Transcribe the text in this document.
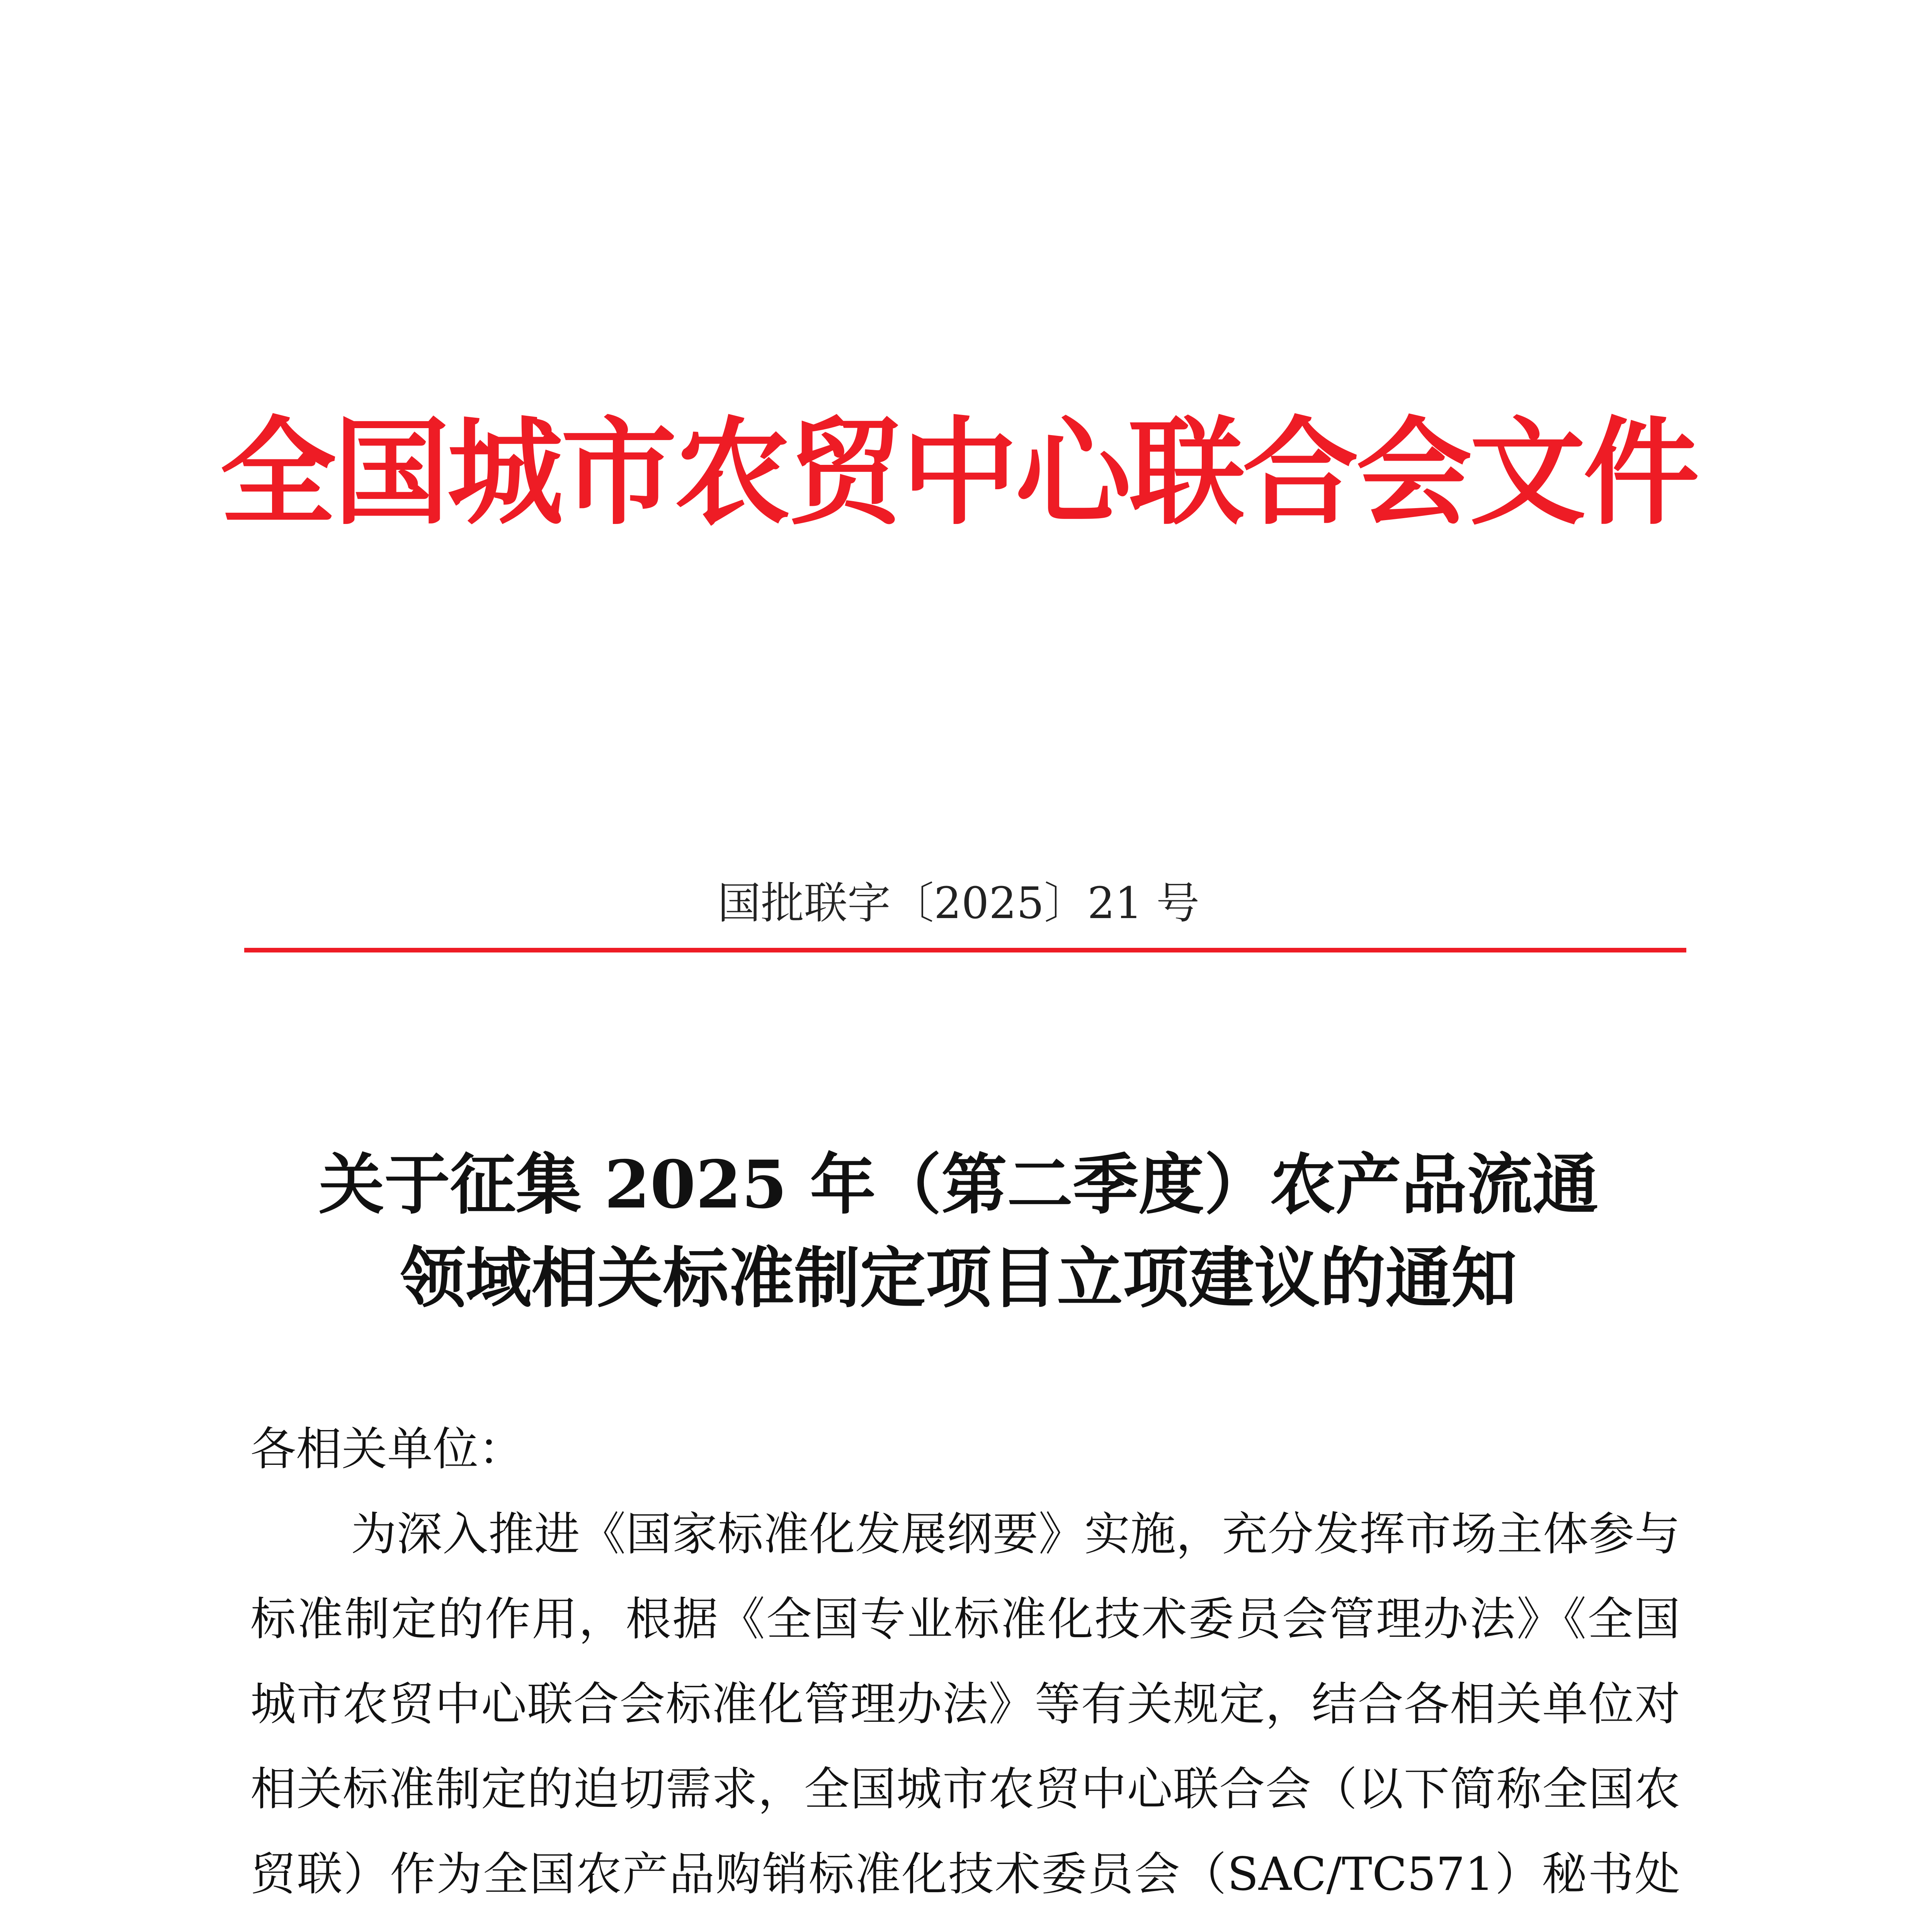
全国城市农贸中心联合会文件
国批联字〔2025〕21 号
关于征集 2025 年（第二季度）农产品流通
领域相关标准制定项目立项建议的通知

各相关单位：

为深入推进《国家标准化发展纲要》实施，充分发挥市场主体参与标准制定的作用，根据《全国专业标准化技术委员会管理办法》《全国城市农贸中心联合会标准化管理办法》等有关规定，结合各相关单位对相关标准制定的迫切需求，全国城市农贸中心联合会（以下简称全国农贸联）作为全国农产品购销标准化技术委员会（SAC/TC571）秘书处
